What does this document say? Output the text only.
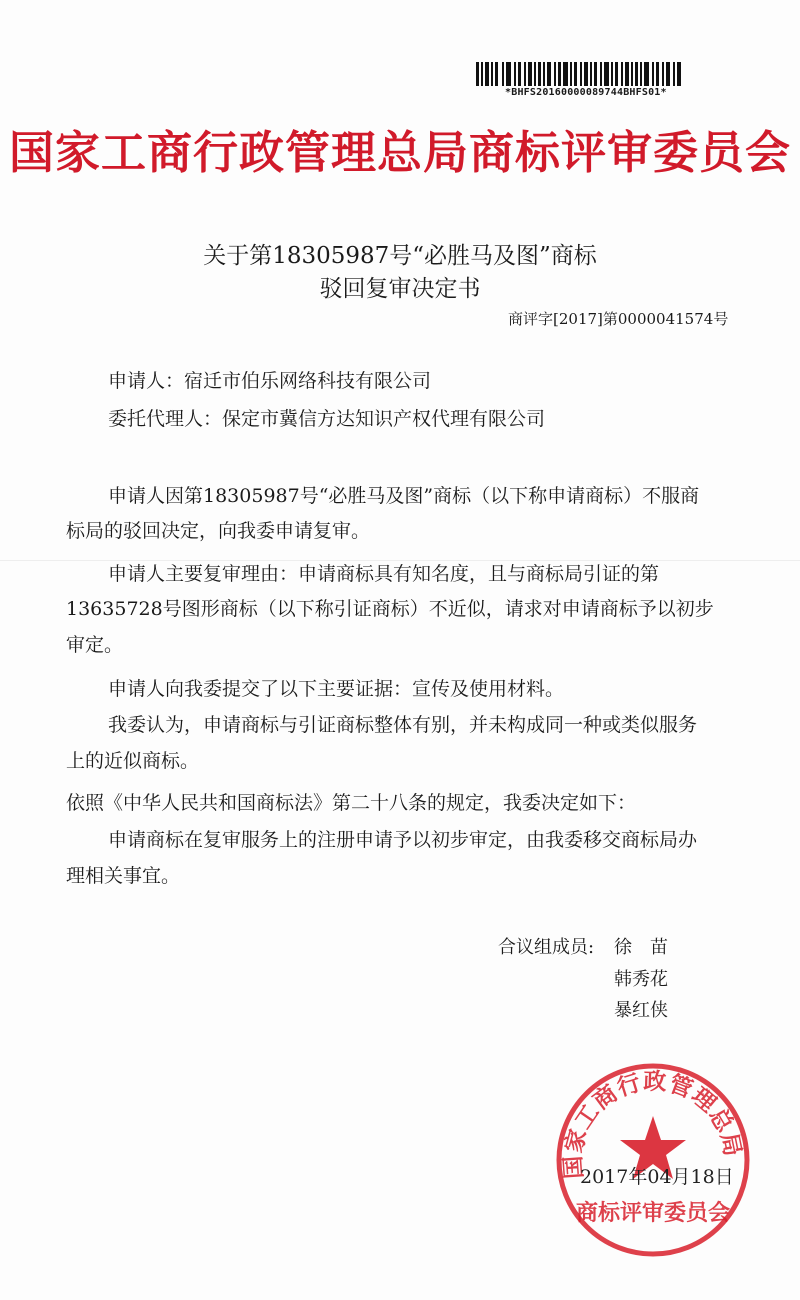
*BHFS20160000089744BHFS01*
国家工商行政管理总局商标评审委员会
关于第18305987号“必胜马及图”商标
驳回复审决定书
商评字[2017]第0000041574号
申请人：宿迁市伯乐网络科技有限公司
委托代理人：保定市冀信方达知识产权代理有限公司
申请人因第18305987号“必胜马及图”商标（以下称申请商标）不服商
标局的驳回决定，向我委申请复审。
申请人主要复审理由：申请商标具有知名度，且与商标局引证的第
13635728号图形商标（以下称引证商标）不近似，请求对申请商标予以初步
审定。
申请人向我委提交了以下主要证据：宣传及使用材料。
我委认为，申请商标与引证商标整体有别，并未构成同一种或类似服务
上的近似商标。
依照《中华人民共和国商标法》第二十八条的规定，我委决定如下：
申请商标在复审服务上的注册申请予以初步审定，由我委移交商标局办
理相关事宜。
合议组成员: 徐　苗
韩秀花
暴红侠
国家工商行政管理总局
商标评审委员会
2017年04月18日
